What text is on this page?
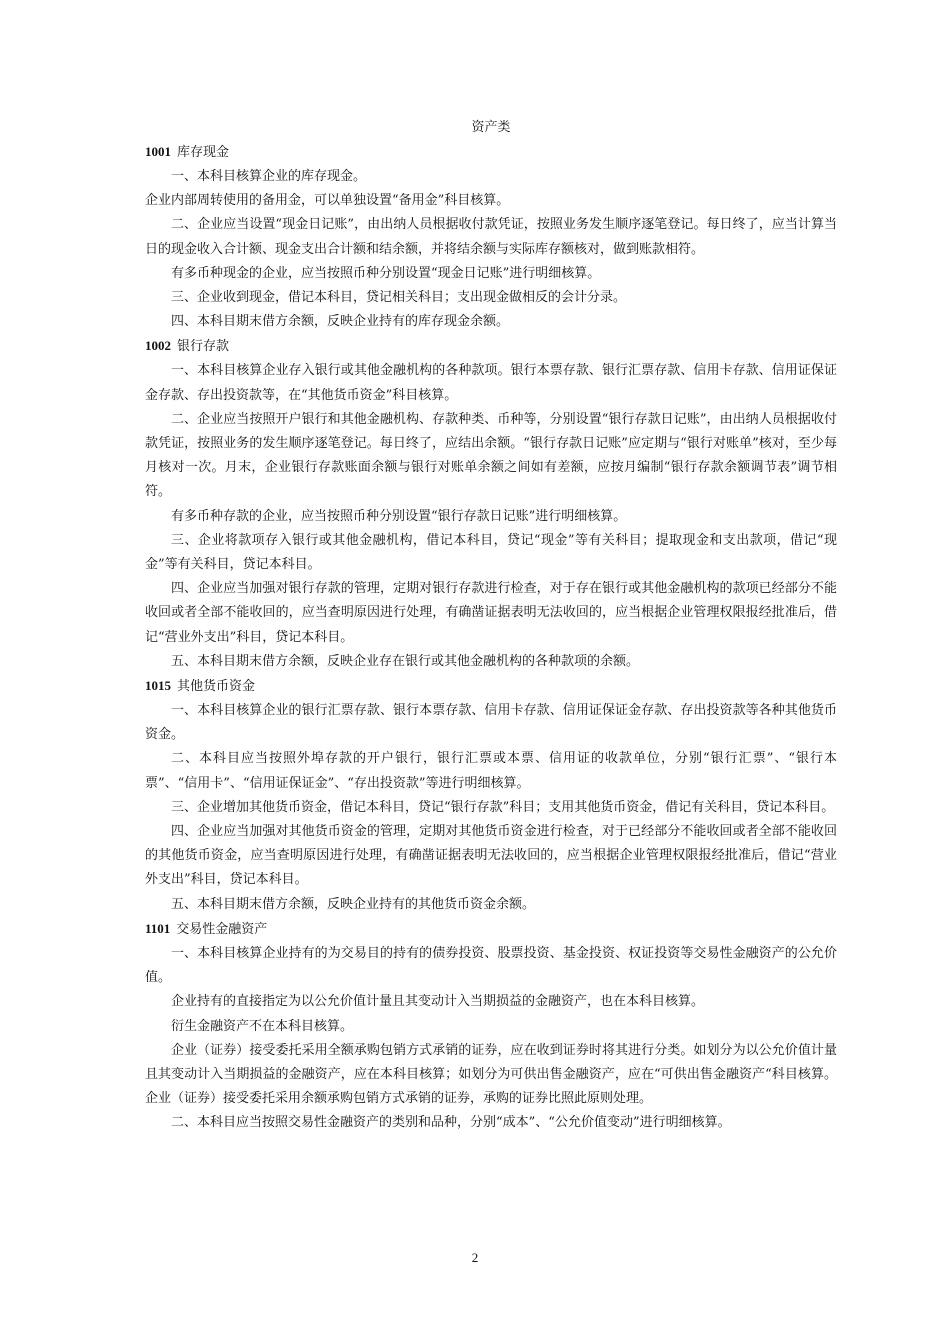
资产类
1001 库存现金

一、本科目核算企业的库存现金。

企业内部周转使用的备用金，可以单独设置“备用金”科目核算。

二、企业应当设置“现金日记账”，由出纳人员根据收付款凭证，按照业务发生顺序逐笔登记。每日终了，应当计算当日的现金收入合计额、现金支出合计额和结余额，并将结余额与实际库存额核对，做到账款相符。

有多币种现金的企业，应当按照币种分别设置“现金日记账”进行明细核算。

三、企业收到现金，借记本科目，贷记相关科目；支出现金做相反的会计分录。

四、本科目期末借方余额，反映企业持有的库存现金余额。

1002 银行存款

一、本科目核算企业存入银行或其他金融机构的各种款项。银行本票存款、银行汇票存款、信用卡存款、信用证保证金存款、存出投资款等，在“其他货币资金”科目核算。

二、企业应当按照开户银行和其他金融机构、存款种类、币种等，分别设置“银行存款日记账”，由出纳人员根据收付款凭证，按照业务的发生顺序逐笔登记。每日终了，应结出余额。“银行存款日记账”应定期与“银行对账单”核对，至少每月核对一次。月末，企业银行存款账面余额与银行对账单余额之间如有差额，应按月编制“银行存款余额调节表”调节相符。

有多币种存款的企业，应当按照币种分别设置“银行存款日记账”进行明细核算。

三、企业将款项存入银行或其他金融机构，借记本科目，贷记“现金”等有关科目；提取现金和支出款项，借记“现金”等有关科目，贷记本科目。

四、企业应当加强对银行存款的管理，定期对银行存款进行检查，对于存在银行或其他金融机构的款项已经部分不能收回或者全部不能收回的，应当查明原因进行处理，有确凿证据表明无法收回的，应当根据企业管理权限报经批准后，借记“营业外支出”科目，贷记本科目。

五、本科目期末借方余额，反映企业存在银行或其他金融机构的各种款项的余额。

1015 其他货币资金

一、本科目核算企业的银行汇票存款、银行本票存款、信用卡存款、信用证保证金存款、存出投资款等各种其他货币资金。

二、本科目应当按照外埠存款的开户银行，银行汇票或本票、信用证的收款单位，分别“银行汇票”、“银行本票”、“信用卡”、“信用证保证金”、“存出投资款”等进行明细核算。

三、企业增加其他货币资金，借记本科目，贷记“银行存款”科目；支用其他货币资金，借记有关科目，贷记本科目。

四、企业应当加强对其他货币资金的管理，定期对其他货币资金进行检查，对于已经部分不能收回或者全部不能收回的其他货币资金，应当查明原因进行处理，有确凿证据表明无法收回的，应当根据企业管理权限报经批准后，借记“营业外支出”科目，贷记本科目。

五、本科目期末借方余额，反映企业持有的其他货币资金余额。

1101 交易性金融资产

一、本科目核算企业持有的为交易目的持有的债券投资、股票投资、基金投资、权证投资等交易性金融资产的公允价值。

企业持有的直接指定为以公允价值计量且其变动计入当期损益的金融资产，也在本科目核算。

衍生金融资产不在本科目核算。

企业（证券）接受委托采用全额承购包销方式承销的证券，应在收到证券时将其进行分类。如划分为以公允价值计量且其变动计入当期损益的金融资产，应在本科目核算；如划分为可供出售金融资产，应在“可供出售金融资产“科目核算。企业（证券）接受委托采用余额承购包销方式承销的证券，承购的证券比照此原则处理。

二、本科目应当按照交易性金融资产的类别和品种，分别“成本”、“公允价值变动”进行明细核算。

2
